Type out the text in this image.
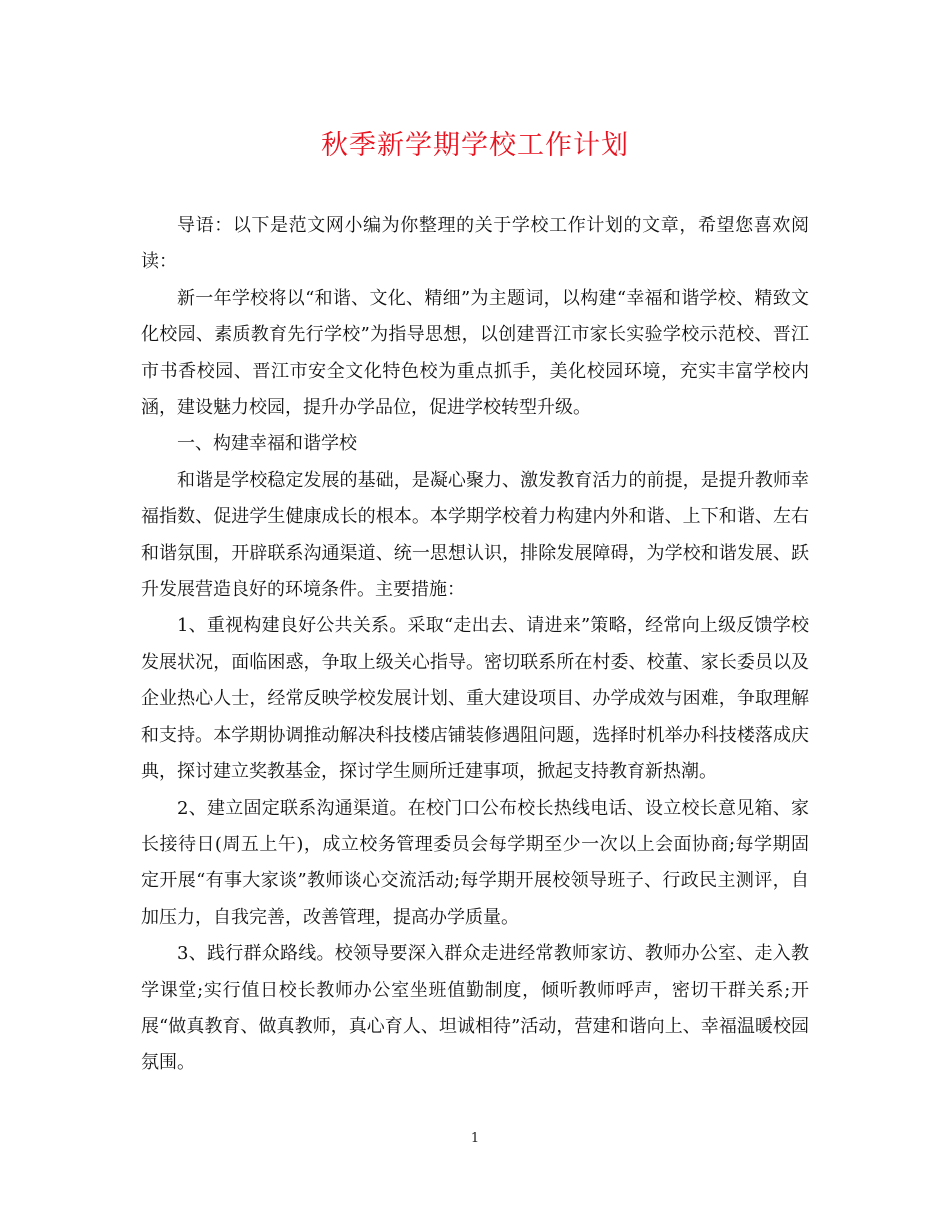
秋季新学期学校工作计划

导语：以下是范文网小编为你整理的关于学校工作计划的文章，希望您喜欢阅读：

新一年学校将以“和谐、文化、精细”为主题词，以构建“幸福和谐学校、精致文化校园、素质教育先行学校”为指导思想，以创建晋江市家长实验学校示范校、晋江市书香校园、晋江市安全文化特色校为重点抓手，美化校园环境，充实丰富学校内涵，建设魅力校园，提升办学品位，促进学校转型升级。

一、构建幸福和谐学校

和谐是学校稳定发展的基础，是凝心聚力、激发教育活力的前提，是提升教师幸福指数、促进学生健康成长的根本。本学期学校着力构建内外和谐、上下和谐、左右和谐氛围，开辟联系沟通渠道、统一思想认识，排除发展障碍，为学校和谐发展、跃升发展营造良好的环境条件。主要措施：

1、重视构建良好公共关系。采取“走出去、请进来”策略，经常向上级反馈学校发展状况，面临困惑，争取上级关心指导。密切联系所在村委、校董、家长委员以及企业热心人士，经常反映学校发展计划、重大建设项目、办学成效与困难，争取理解和支持。本学期协调推动解决科技楼店铺装修遇阻问题，选择时机举办科技楼落成庆典，探讨建立奖教基金，探讨学生厕所迁建事项，掀起支持教育新热潮。

2、建立固定联系沟通渠道。在校门口公布校长热线电话、设立校长意见箱、家长接待日(周五上午)，成立校务管理委员会每学期至少一次以上会面协商;每学期固定开展“有事大家谈”教师谈心交流活动;每学期开展校领导班子、行政民主测评，自加压力，自我完善，改善管理，提高办学质量。

3、践行群众路线。校领导要深入群众走进经常教师家访、教师办公室、走入教学课堂;实行值日校长教师办公室坐班值勤制度，倾听教师呼声，密切干群关系;开展“做真教育、做真教师，真心育人、坦诚相待”活动，营建和谐向上、幸福温暖校园氛围。

1
